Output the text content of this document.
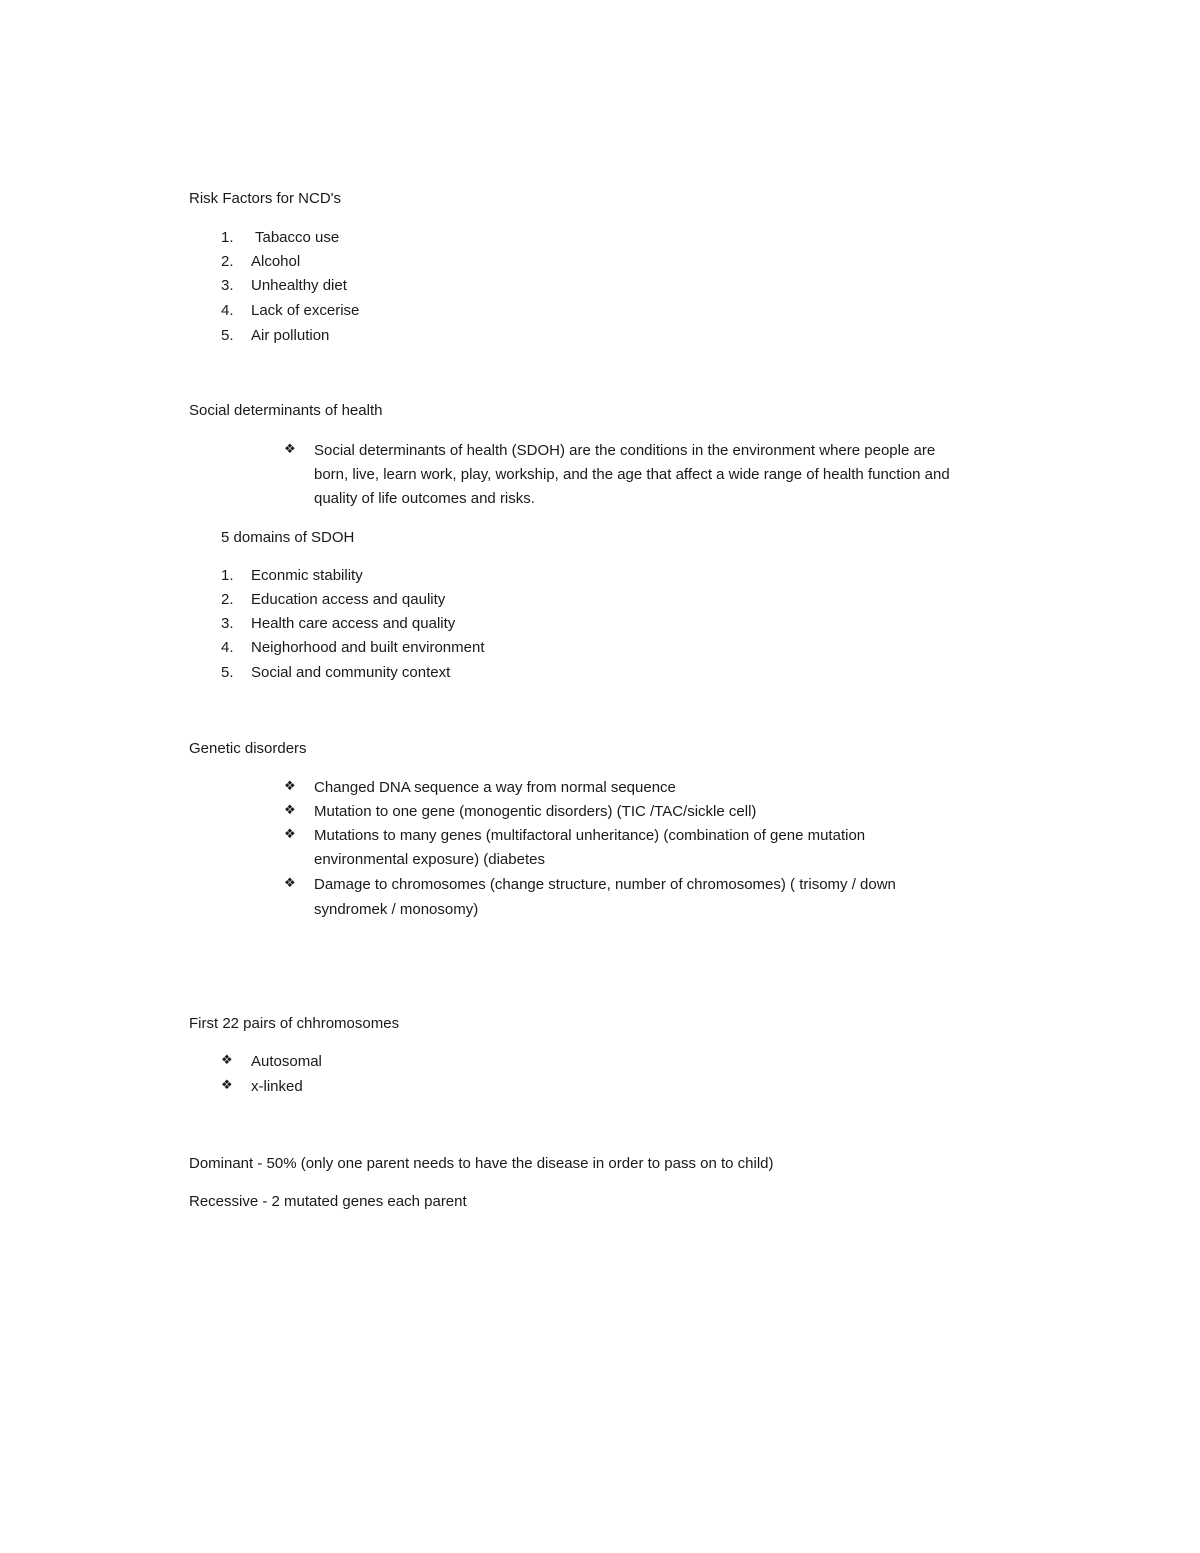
Risk Factors for NCD's
1. Tabacco use
2. Alcohol
3. Unhealthy diet
4. Lack of excerise
5. Air pollution
Social determinants of health
❖ Social determinants of health (SDOH) are the conditions in the environment where people are
born, live, learn work, play, workship, and the age that affect a wide range of health function and
quality of life outcomes and risks.
5 domains of SDOH
1. Econmic stability
2. Education access and qaulity
3. Health care access and quality
4. Neighorhood and built environment
5. Social and community context
Genetic disorders
❖ Changed DNA sequence a way from normal sequence
❖ Mutation to one gene (monogentic disorders) (TIC /TAC/sickle cell)
❖ Mutations to many genes (multifactoral unheritance) (combination of gene mutation
environmental exposure) (diabetes
❖ Damage to chromosomes (change structure, number of chromosomes) ( trisomy / down
syndromek / monosomy)
First 22 pairs of chhromosomes
❖ Autosomal
❖ x-linked
Dominant - 50% (only one parent needs to have the disease in order to pass on to child)
Recessive - 2 mutated genes each parent
